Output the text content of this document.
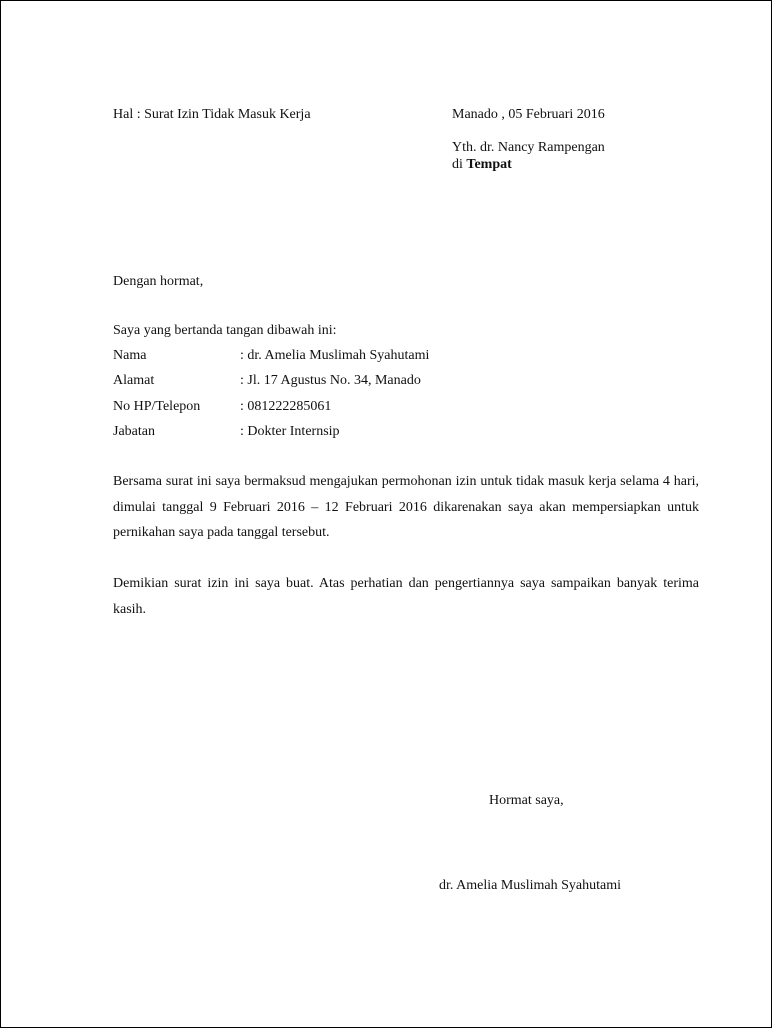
Hal : Surat Izin Tidak Masuk Kerja	Manado , 05 Februari 2016
Yth. dr. Nancy Rampengan
di Tempat
Dengan hormat,
Saya yang bertanda tangan dibawah ini:
Nama	: dr. Amelia Muslimah Syahutami
Alamat	: Jl. 17 Agustus No. 34, Manado
No HP/Telepon	: 081222285061
Jabatan	: Dokter Internsip
Bersama surat ini saya bermaksud mengajukan permohonan izin untuk tidak masuk kerja selama 4 hari, dimulai tanggal 9 Februari 2016 – 12 Februari 2016 dikarenakan saya akan mempersiapkan untuk pernikahan saya pada tanggal tersebut.
Demikian surat izin ini saya buat. Atas perhatian dan pengertiannya saya sampaikan banyak terima kasih.
Hormat saya,
dr. Amelia Muslimah Syahutami
